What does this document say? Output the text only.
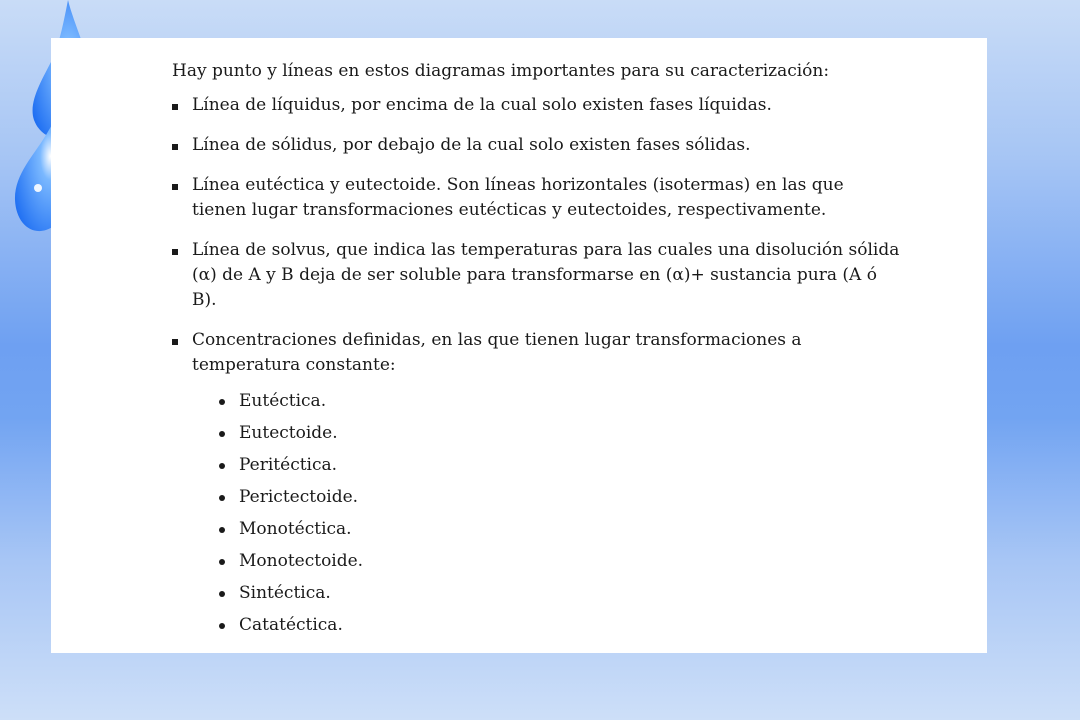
Hay punto y líneas en estos diagramas importantes para su caracterización:

Línea de líquidus, por encima de la cual solo existen fases líquidas.
Línea de sólidus, por debajo de la cual solo existen fases sólidas.
Línea eutéctica y eutectoide. Son líneas horizontales (isotermas) en las que tienen lugar transformaciones eutécticas y eutectoides, respectivamente.
Línea de solvus, que indica las temperaturas para las cuales una disolución sólida (α) de A y B deja de ser soluble para transformarse en (α)+ sustancia pura (A ó B).
Concentraciones definidas, en las que tienen lugar transformaciones a temperatura constante:
Eutéctica.
Eutectoide.
Peritéctica.
Perictectoide.
Monotéctica.
Monotectoide.
Sintéctica.
Catatéctica.
